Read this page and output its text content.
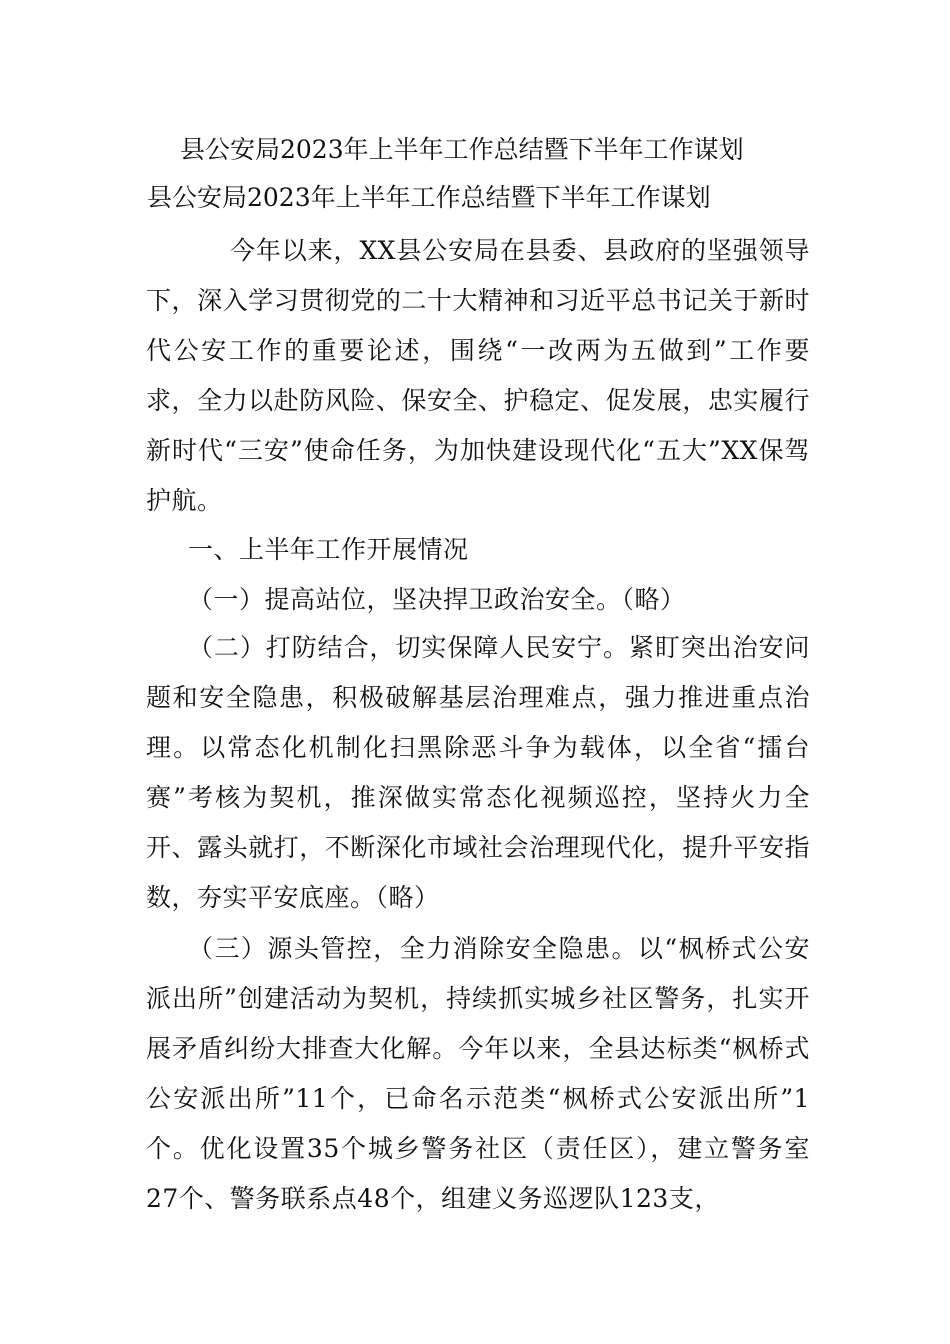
县公安局2023年上半年工作总结暨下半年工作谋划
县公安局2023年上半年工作总结暨下半年工作谋划

今年以来，XX县公安局在县委、县政府的坚强领导下，深入学习贯彻党的二十大精神和习近平总书记关于新时代公安工作的重要论述，围绕“一改两为五做到”工作要求，全力以赴防风险、保安全、护稳定、促发展，忠实履行新时代“三安”使命任务，为加快建设现代化“五大”XX保驾护航。

一、上半年工作开展情况

（一）提高站位，坚决捍卫政治安全。（略）

（二）打防结合，切实保障人民安宁。紧盯突出治安问题和安全隐患，积极破解基层治理难点，强力推进重点治理。以常态化机制化扫黑除恶斗争为载体，以全省“擂台赛”考核为契机，推深做实常态化视频巡控，坚持火力全开、露头就打，不断深化市域社会治理现代化，提升平安指数，夯实平安底座。（略）

（三）源头管控，全力消除安全隐患。以“枫桥式公安派出所”创建活动为契机，持续抓实城乡社区警务，扎实开展矛盾纠纷大排查大化解。今年以来，全县达标类“枫桥式公安派出所”11个，已命名示范类“枫桥式公安派出所”1个。优化设置35个城乡警务社区（责任区），建立警务室27个、警务联系点48个，组建义务巡逻队123支，
